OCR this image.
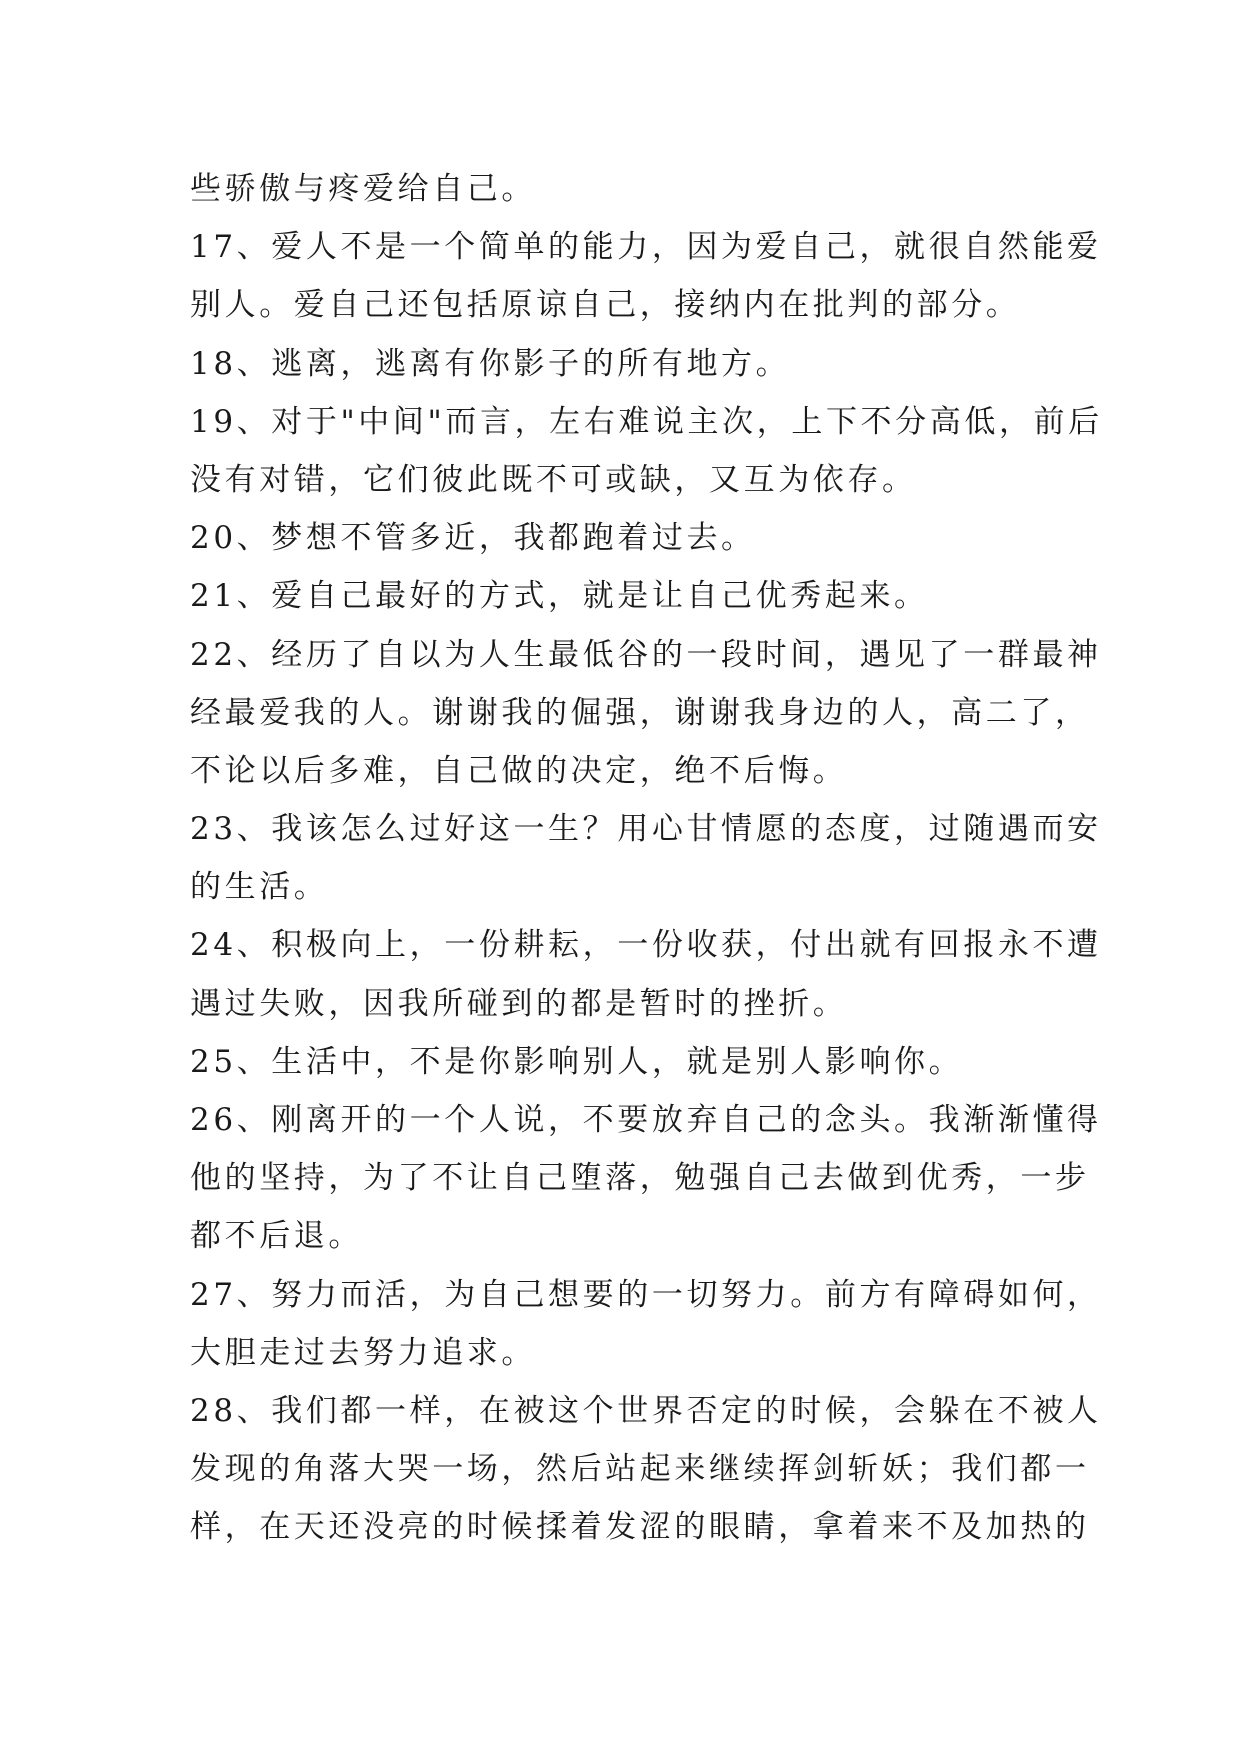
些骄傲与疼爱给自己。
17、爱人不是一个简单的能力，因为爱自己，就很自然能爱
别人。爱自己还包括原谅自己，接纳内在批判的部分。
18、逃离，逃离有你影子的所有地方。
19、对于"中间"而言，左右难说主次，上下不分高低，前后
没有对错，它们彼此既不可或缺，又互为依存。
20、梦想不管多近，我都跑着过去。
21、爱自己最好的方式，就是让自己优秀起来。
22、经历了自以为人生最低谷的一段时间，遇见了一群最神
经最爱我的人。谢谢我的倔强，谢谢我身边的人，高二了，
不论以后多难，自己做的决定，绝不后悔。
23、我该怎么过好这一生？用心甘情愿的态度，过随遇而安
的生活。
24、积极向上，一份耕耘，一份收获，付出就有回报永不遭
遇过失败，因我所碰到的都是暂时的挫折。
25、生活中，不是你影响别人，就是别人影响你。
26、刚离开的一个人说，不要放弃自己的念头。我渐渐懂得
他的坚持，为了不让自己堕落，勉强自己去做到优秀，一步
都不后退。
27、努力而活，为自己想要的一切努力。前方有障碍如何，
大胆走过去努力追求。
28、我们都一样，在被这个世界否定的时候，会躲在不被人
发现的角落大哭一场，然后站起来继续挥剑斩妖；我们都一
样，在天还没亮的时候揉着发涩的眼睛，拿着来不及加热的
